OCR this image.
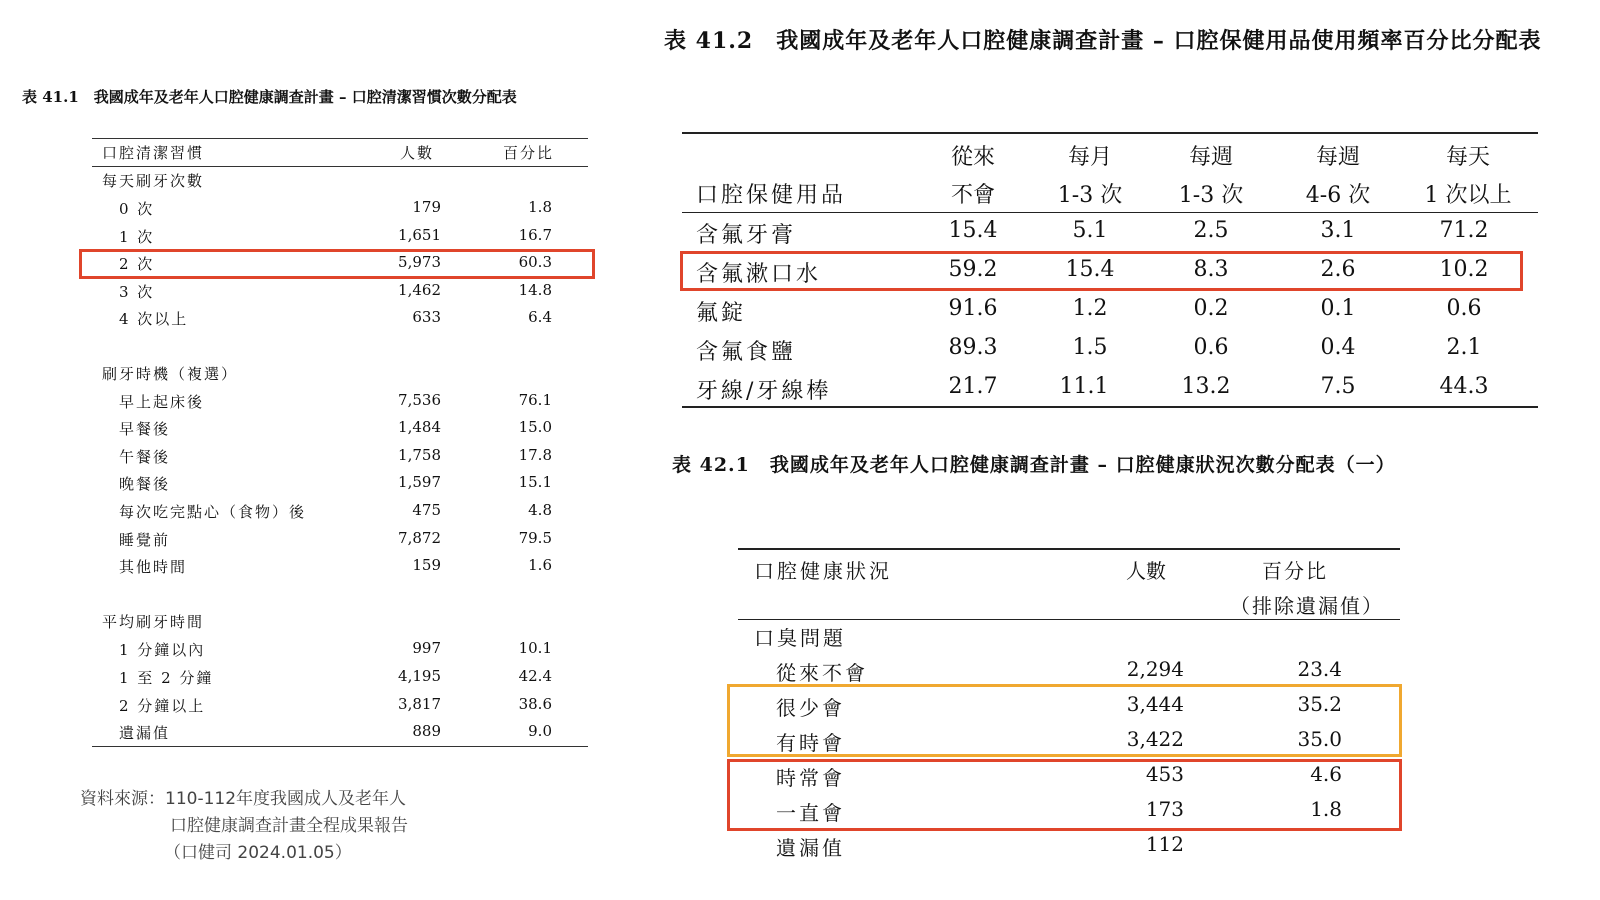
表 41.1　我國成年及老年人口腔健康調查計畫 – 口腔清潔習慣次數分配表
口腔清潔習慣	人數	百分比
每天刷牙次數
0 次	179	1.8
1 次	1,651	16.7
2 次	5,973	60.3
3 次	1,462	14.8
4 次以上	633	6.4
刷牙時機（複選）
早上起床後	7,536	76.1
早餐後	1,484	15.0
午餐後	1,758	17.8
晚餐後	1,597	15.1
每次吃完點心（食物）後	475	4.8
睡覺前	7,872	79.5
其他時間	159	1.6
平均刷牙時間
1 分鐘以內	997	10.1
1 至 2 分鐘	4,195	42.4
2 分鐘以上	3,817	38.6
遺漏值	889	9.0
資料來源：110-112年度我國成人及老年人
口腔健康調查計畫全程成果報告
（口健司 2024.01.05）
表 41.2　我國成年及老年人口腔健康調查計畫 – 口腔保健用品使用頻率百分比分配表
從來	每月	每週	每週	每天
口腔保健用品	不會	1-3 次	1-3 次	4-6 次	1 次以上
含氟牙膏	15.4	5.1	2.5	3.1	71.2
含氟漱口水	59.2	15.4	8.3	2.6	10.2
氟錠	91.6	1.2	0.2	0.1	0.6
含氟食鹽	89.3	1.5	0.6	0.4	2.1
牙線/牙線棒	21.7	11.1	13.2	7.5	44.3
表 42.1　我國成年及老年人口腔健康調查計畫 – 口腔健康狀況次數分配表（一）
口腔健康狀況	人數	百分比
（排除遺漏值）
口臭問題
從來不會	2,294	23.4
很少會	3,444	35.2
有時會	3,422	35.0
時常會	453	4.6
一直會	173	1.8
遺漏值	112
